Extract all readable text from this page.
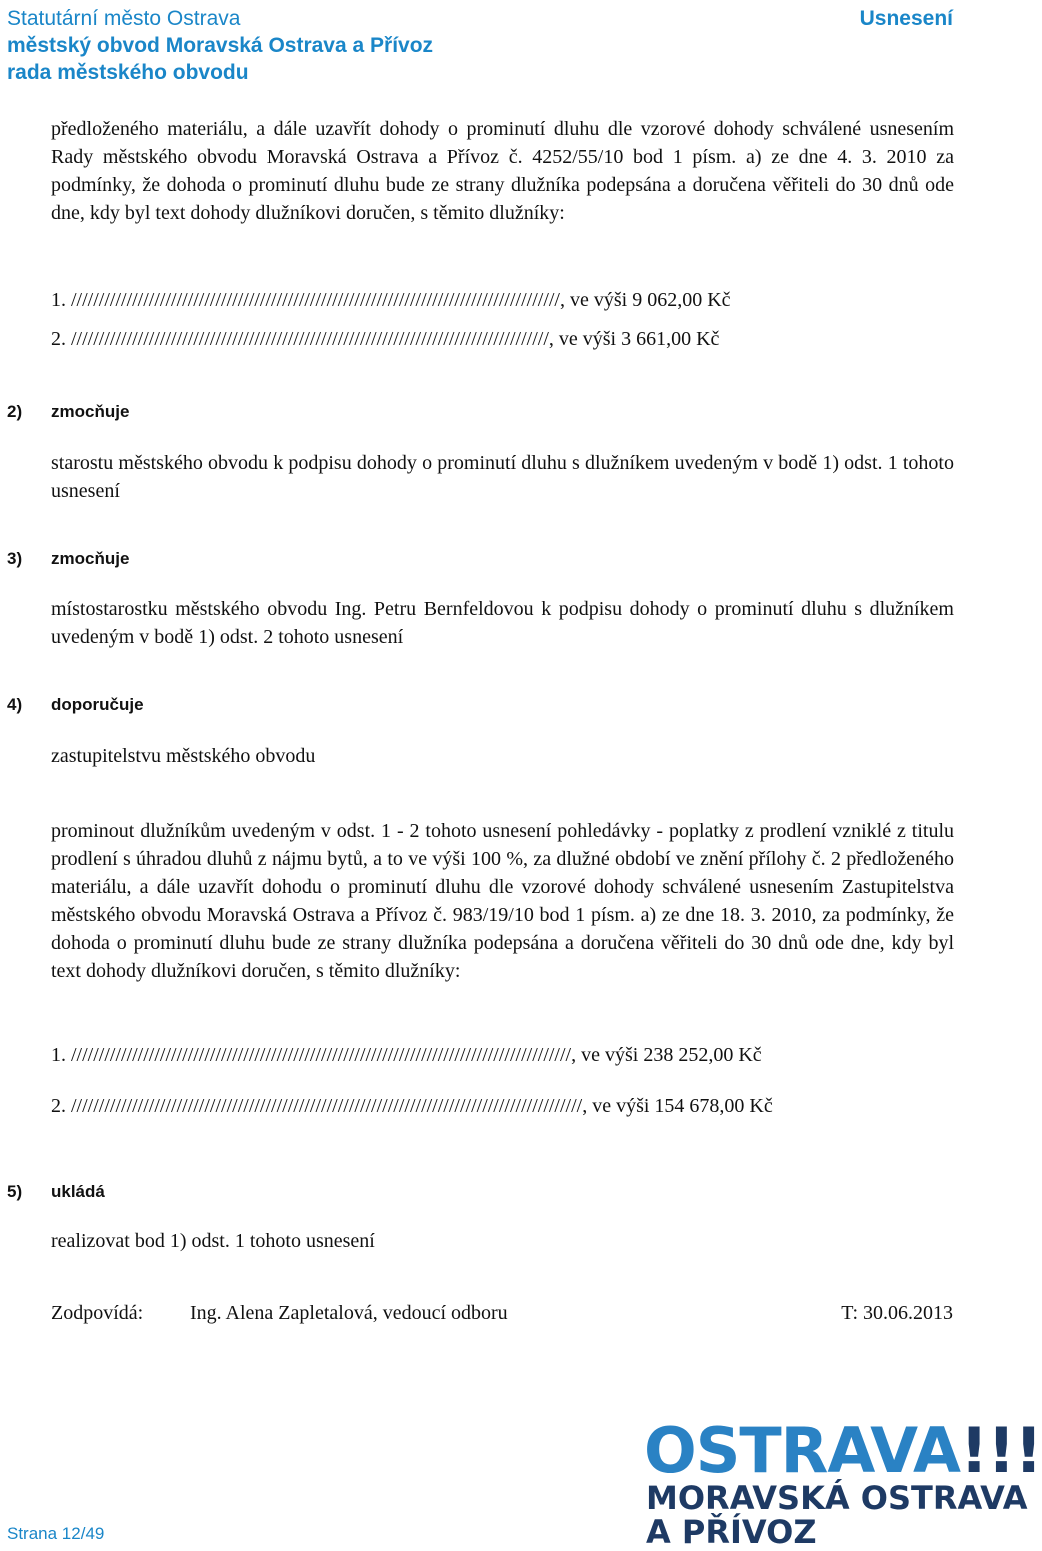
Statutární město Ostrava	Usnesení
městský obvod Moravská Ostrava a Přívoz
rada městského obvodu
předloženého materiálu, a dále uzavřít dohody o prominutí dluhu dle vzorové dohody schválené usnesením Rady městského obvodu Moravská Ostrava a Přívoz č. 4252/55/10 bod 1 písm. a) ze dne 4. 3. 2010 za podmínky, že dohoda o prominutí dluhu bude ze strany dlužníka podepsána a doručena věřiteli do 30 dnů ode dne, kdy byl text dohody dlužníkovi doručen, s těmito dlužníky:
1. ////////////////////////////////////////////////////////////////////////////////////////, ve výši 9 062,00 Kč
2. //////////////////////////////////////////////////////////////////////////////////////, ve výši 3 661,00 Kč
2) zmocňuje
starostu městského obvodu k podpisu dohody o prominutí dluhu s dlužníkem uvedeným v bodě 1) odst. 1 tohoto usnesení
3) zmocňuje
místostarostku městského obvodu Ing. Petru Bernfeldovou k podpisu dohody o prominutí dluhu s dlužníkem uvedeným v bodě 1) odst. 2 tohoto usnesení
4) doporučuje
zastupitelstvu městského obvodu
prominout dlužníkům uvedeným v odst. 1 - 2 tohoto usnesení pohledávky - poplatky z prodlení vzniklé z titulu prodlení s úhradou dluhů z nájmu bytů, a to ve výši 100 %, za dlužné období ve znění přílohy č. 2 předloženého materiálu, a dále uzavřít dohodu o prominutí dluhu dle vzorové dohody schválené usnesením Zastupitelstva městského obvodu Moravská Ostrava a Přívoz č. 983/19/10 bod 1 písm. a) ze dne 18. 3. 2010, za podmínky, že dohoda o prominutí dluhu bude ze strany dlužníka podepsána a doručena věřiteli do 30 dnů ode dne, kdy byl text dohody dlužníkovi doručen, s těmito dlužníky:
1. //////////////////////////////////////////////////////////////////////////////////////////, ve výši 238 252,00 Kč
2. ////////////////////////////////////////////////////////////////////////////////////////////, ve výši 154 678,00 Kč
5) ukládá
realizovat bod 1) odst. 1 tohoto usnesení
Zodpovídá: Ing. Alena Zapletalová, vedoucí odboru	T: 30.06.2013
Strana 12/49
OSTRAVA!!!
MORAVSKÁ OSTRAVA
A PŘÍVOZ
